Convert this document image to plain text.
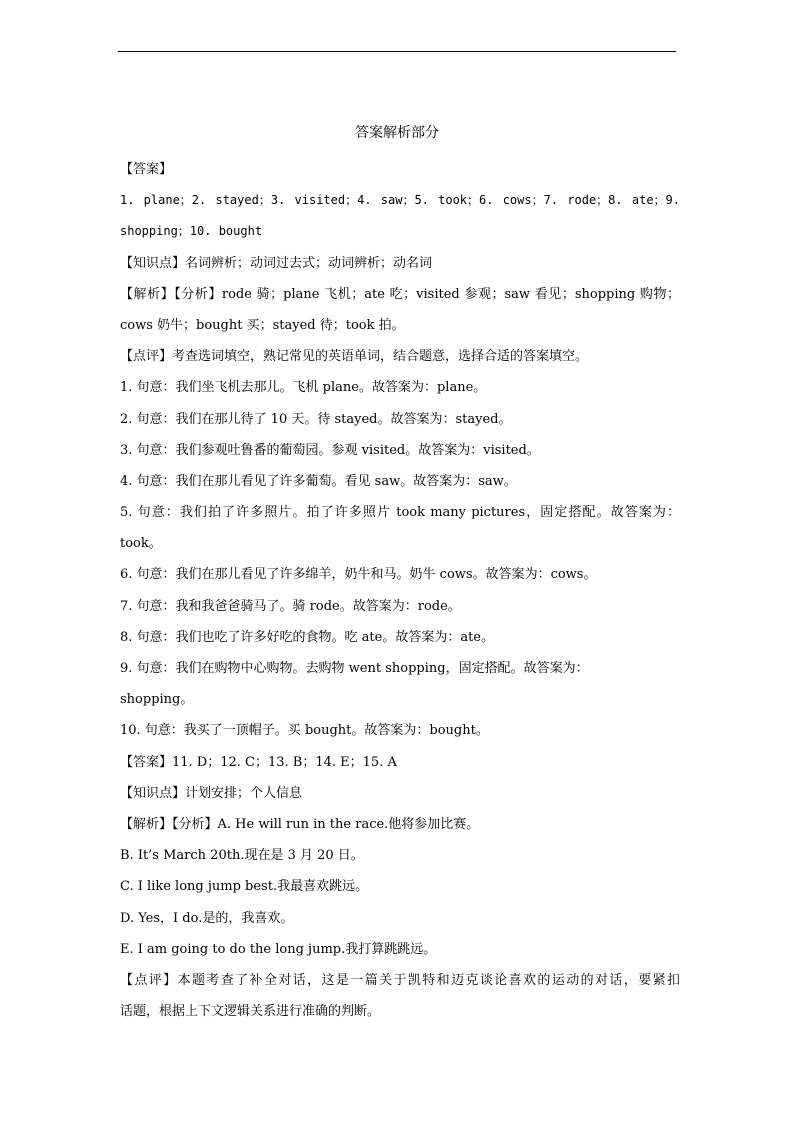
答案解析部分
【答案】
1. plane；2. stayed；3. visited；4. saw；5. took；6. cows；7. rode；8. ate；9.
shopping；10. bought
【知识点】名词辨析；动词过去式；动词辨析；动名词
【解析】【分析】rode 骑；plane 飞机；ate 吃；visited 参观；saw 看见；shopping 购物；
cows 奶牛；bought 买；stayed 待；took 拍。
【点评】考查选词填空，熟记常见的英语单词，结合题意，选择合适的答案填空。
1. 句意：我们坐飞机去那儿。飞机 plane。故答案为：plane。
2. 句意：我们在那儿待了 10 天。待 stayed。故答案为：stayed。
3. 句意：我们参观吐鲁番的葡萄园。参观 visited。故答案为：visited。
4. 句意：我们在那儿看见了许多葡萄。看见 saw。故答案为：saw。
5. 句意：我们拍了许多照片。拍了许多照片 took many pictures，固定搭配。故答案为：
took。
6. 句意：我们在那儿看见了许多绵羊，奶牛和马。奶牛 cows。故答案为：cows。
7. 句意：我和我爸爸骑马了。骑 rode。故答案为：rode。
8. 句意：我们也吃了许多好吃的食物。吃 ate。故答案为：ate。
9. 句意：我们在购物中心购物。去购物 went shopping，固定搭配。故答案为：
shopping。
10. 句意：我买了一顶帽子。买 bought。故答案为：bought。
【答案】11. D；12. C；13. B；14. E；15. A
【知识点】计划安排；个人信息
【解析】【分析】A. He will run in the race.他将参加比赛。
B. It’s March 20th.现在是 3 月 20 日。
C. I like long jump best.我最喜欢跳远。
D. Yes，I do.是的，我喜欢。
E. I am going to do the long jump.我打算跳跳远。
【点评】本题考查了补全对话，这是一篇关于凯特和迈克谈论喜欢的运动的对话，要紧扣
话题，根据上下文逻辑关系进行准确的判断。
